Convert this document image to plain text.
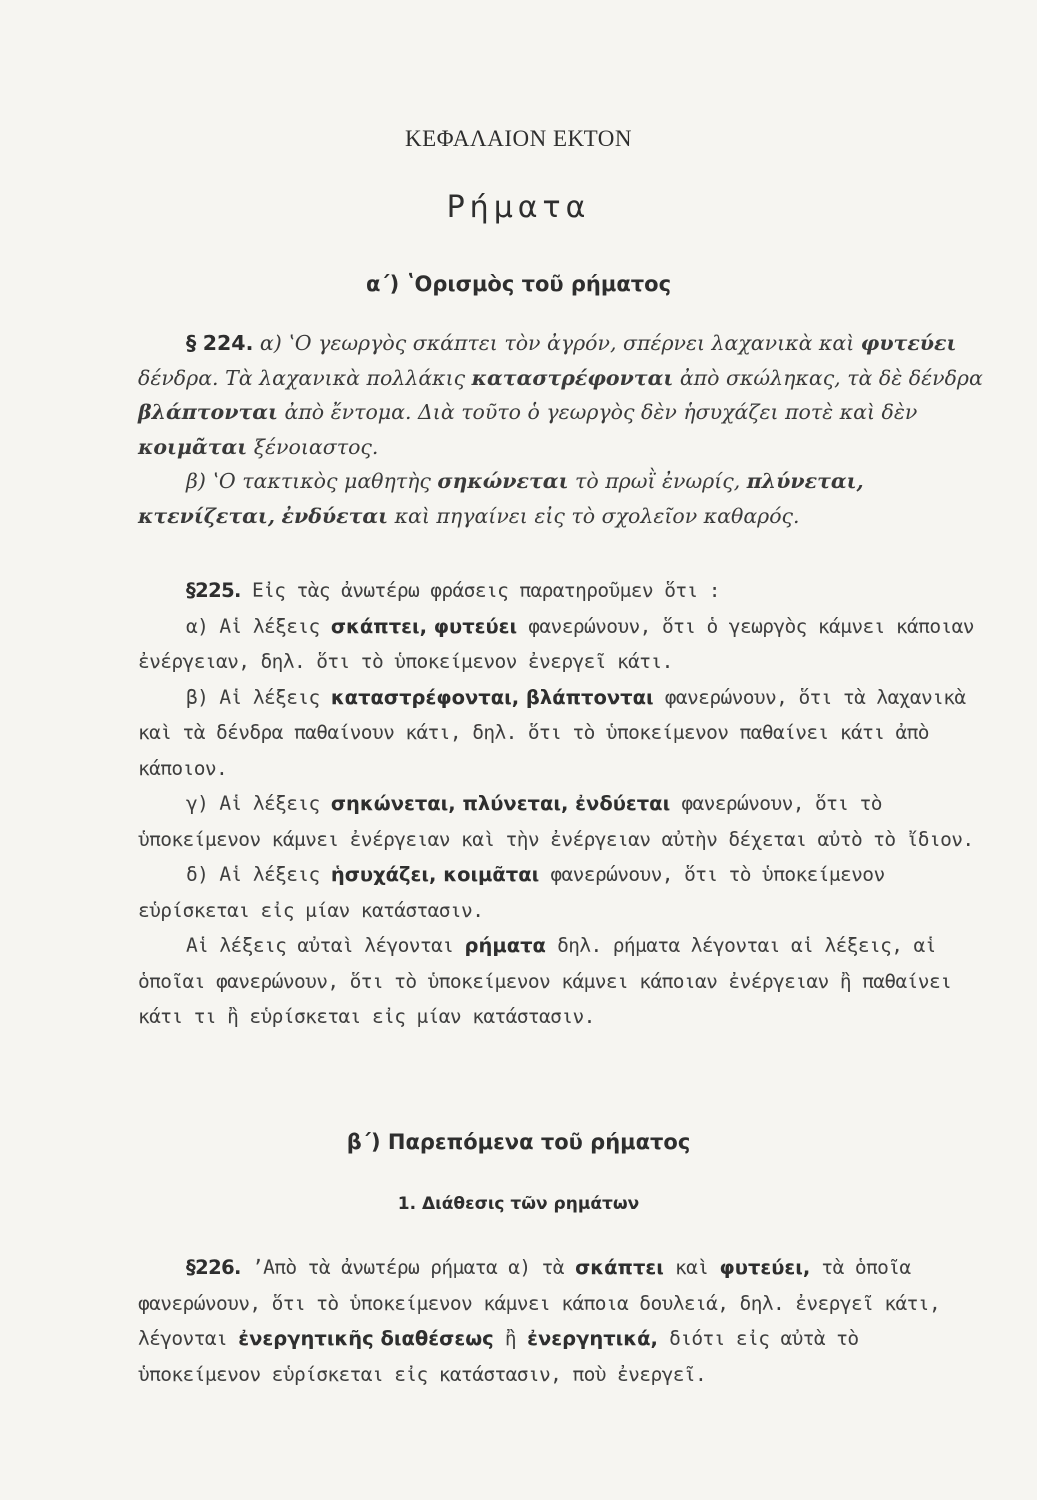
ΚΕΦΑΛΑΙΟΝ ΕΚΤΟΝ
Ρήματα
α΄) ʽΟρισμὸς τοῦ ρήματος

§ 224. α) ʽΟ γεωργὸς σκάπτει τὸν ἀγρόν, σπέρνει λαχανικὰ καὶ φυτεύει δένδρα. Τὰ λαχανικὰ πολλάκις καταστρέφονται ἀπὸ σκώληκας, τὰ δὲ δένδρα βλάπτονται ἀπὸ ἔντομα. Διὰ τοῦτο ὁ γεωργὸς δὲν ἡσυχάζει ποτὲ καὶ δὲν κοιμᾶται ξένοιαστος.

β) ʽΟ τακτικὸς μαθητὴς σηκώνεται τὸ πρωῒ ἐνωρίς, πλύνεται, κτενίζεται, ἐνδύεται καὶ πηγαίνει εἰς τὸ σχολεῖον καθαρός.

§225. Εἰς τὰς ἀνωτέρω φράσεις παρατηροῦμεν ὅτι :

α) Αἱ λέξεις σκάπτει, φυτεύει φανερώνουν, ὅτι ὁ γεωργὸς κάμνει κάποιαν ἐνέργειαν, δηλ. ὅτι τὸ ὑποκείμενον ἐνεργεῖ κάτι.

β) Αἱ λέξεις καταστρέφονται, βλάπτονται φανερώνουν, ὅτι τὰ λαχανικὰ καὶ τὰ δένδρα παθαίνουν κάτι, δηλ. ὅτι τὸ ὑποκείμενον παθαίνει κάτι ἀπὸ κάποιον.

γ) Αἱ λέξεις σηκώνεται, πλύνεται, ἐνδύεται φανερώνουν, ὅτι τὸ ὑποκείμενον κάμνει ἐνέργειαν καὶ τὴν ἐνέργειαν αὐτὴν δέχεται αὐτὸ τὸ ἴδιον.

δ) Αἱ λέξεις ἡσυχάζει, κοιμᾶται φανερώνουν, ὅτι τὸ ὑποκείμενον εὑρίσκεται εἰς μίαν κατάστασιν.

Αἱ λέξεις αὐταὶ λέγονται ρήματα δηλ. ρήματα λέγονται αἱ λέξεις, αἱ ὁποῖαι φανερώνουν, ὅτι τὸ ὑποκείμενον κάμνει κάποιαν ἐνέργειαν ἢ παθαίνει κάτι τι ἢ εὑρίσκεται εἰς μίαν κατάστασιν.

β΄) Παρεπόμενα τοῦ ρήματος
1. Διάθεσις τῶν ρημάτων

§226. ʼΑπὸ τὰ ἀνωτέρω ρήματα α) τὰ σκάπτει καὶ φυτεύει, τὰ ὁποῖα φανερώνουν, ὅτι τὸ ὑποκείμενον κάμνει κάποια δουλειά, δηλ. ἐνεργεῖ κάτι, λέγονται ἐνεργητικῆς διαθέσεως ἢ ἐνεργητικά, διότι εἰς αὐτὰ τὸ ὑποκείμενον εὑρίσκεται εἰς κατάστασιν, ποὺ ἐνεργεῖ.
